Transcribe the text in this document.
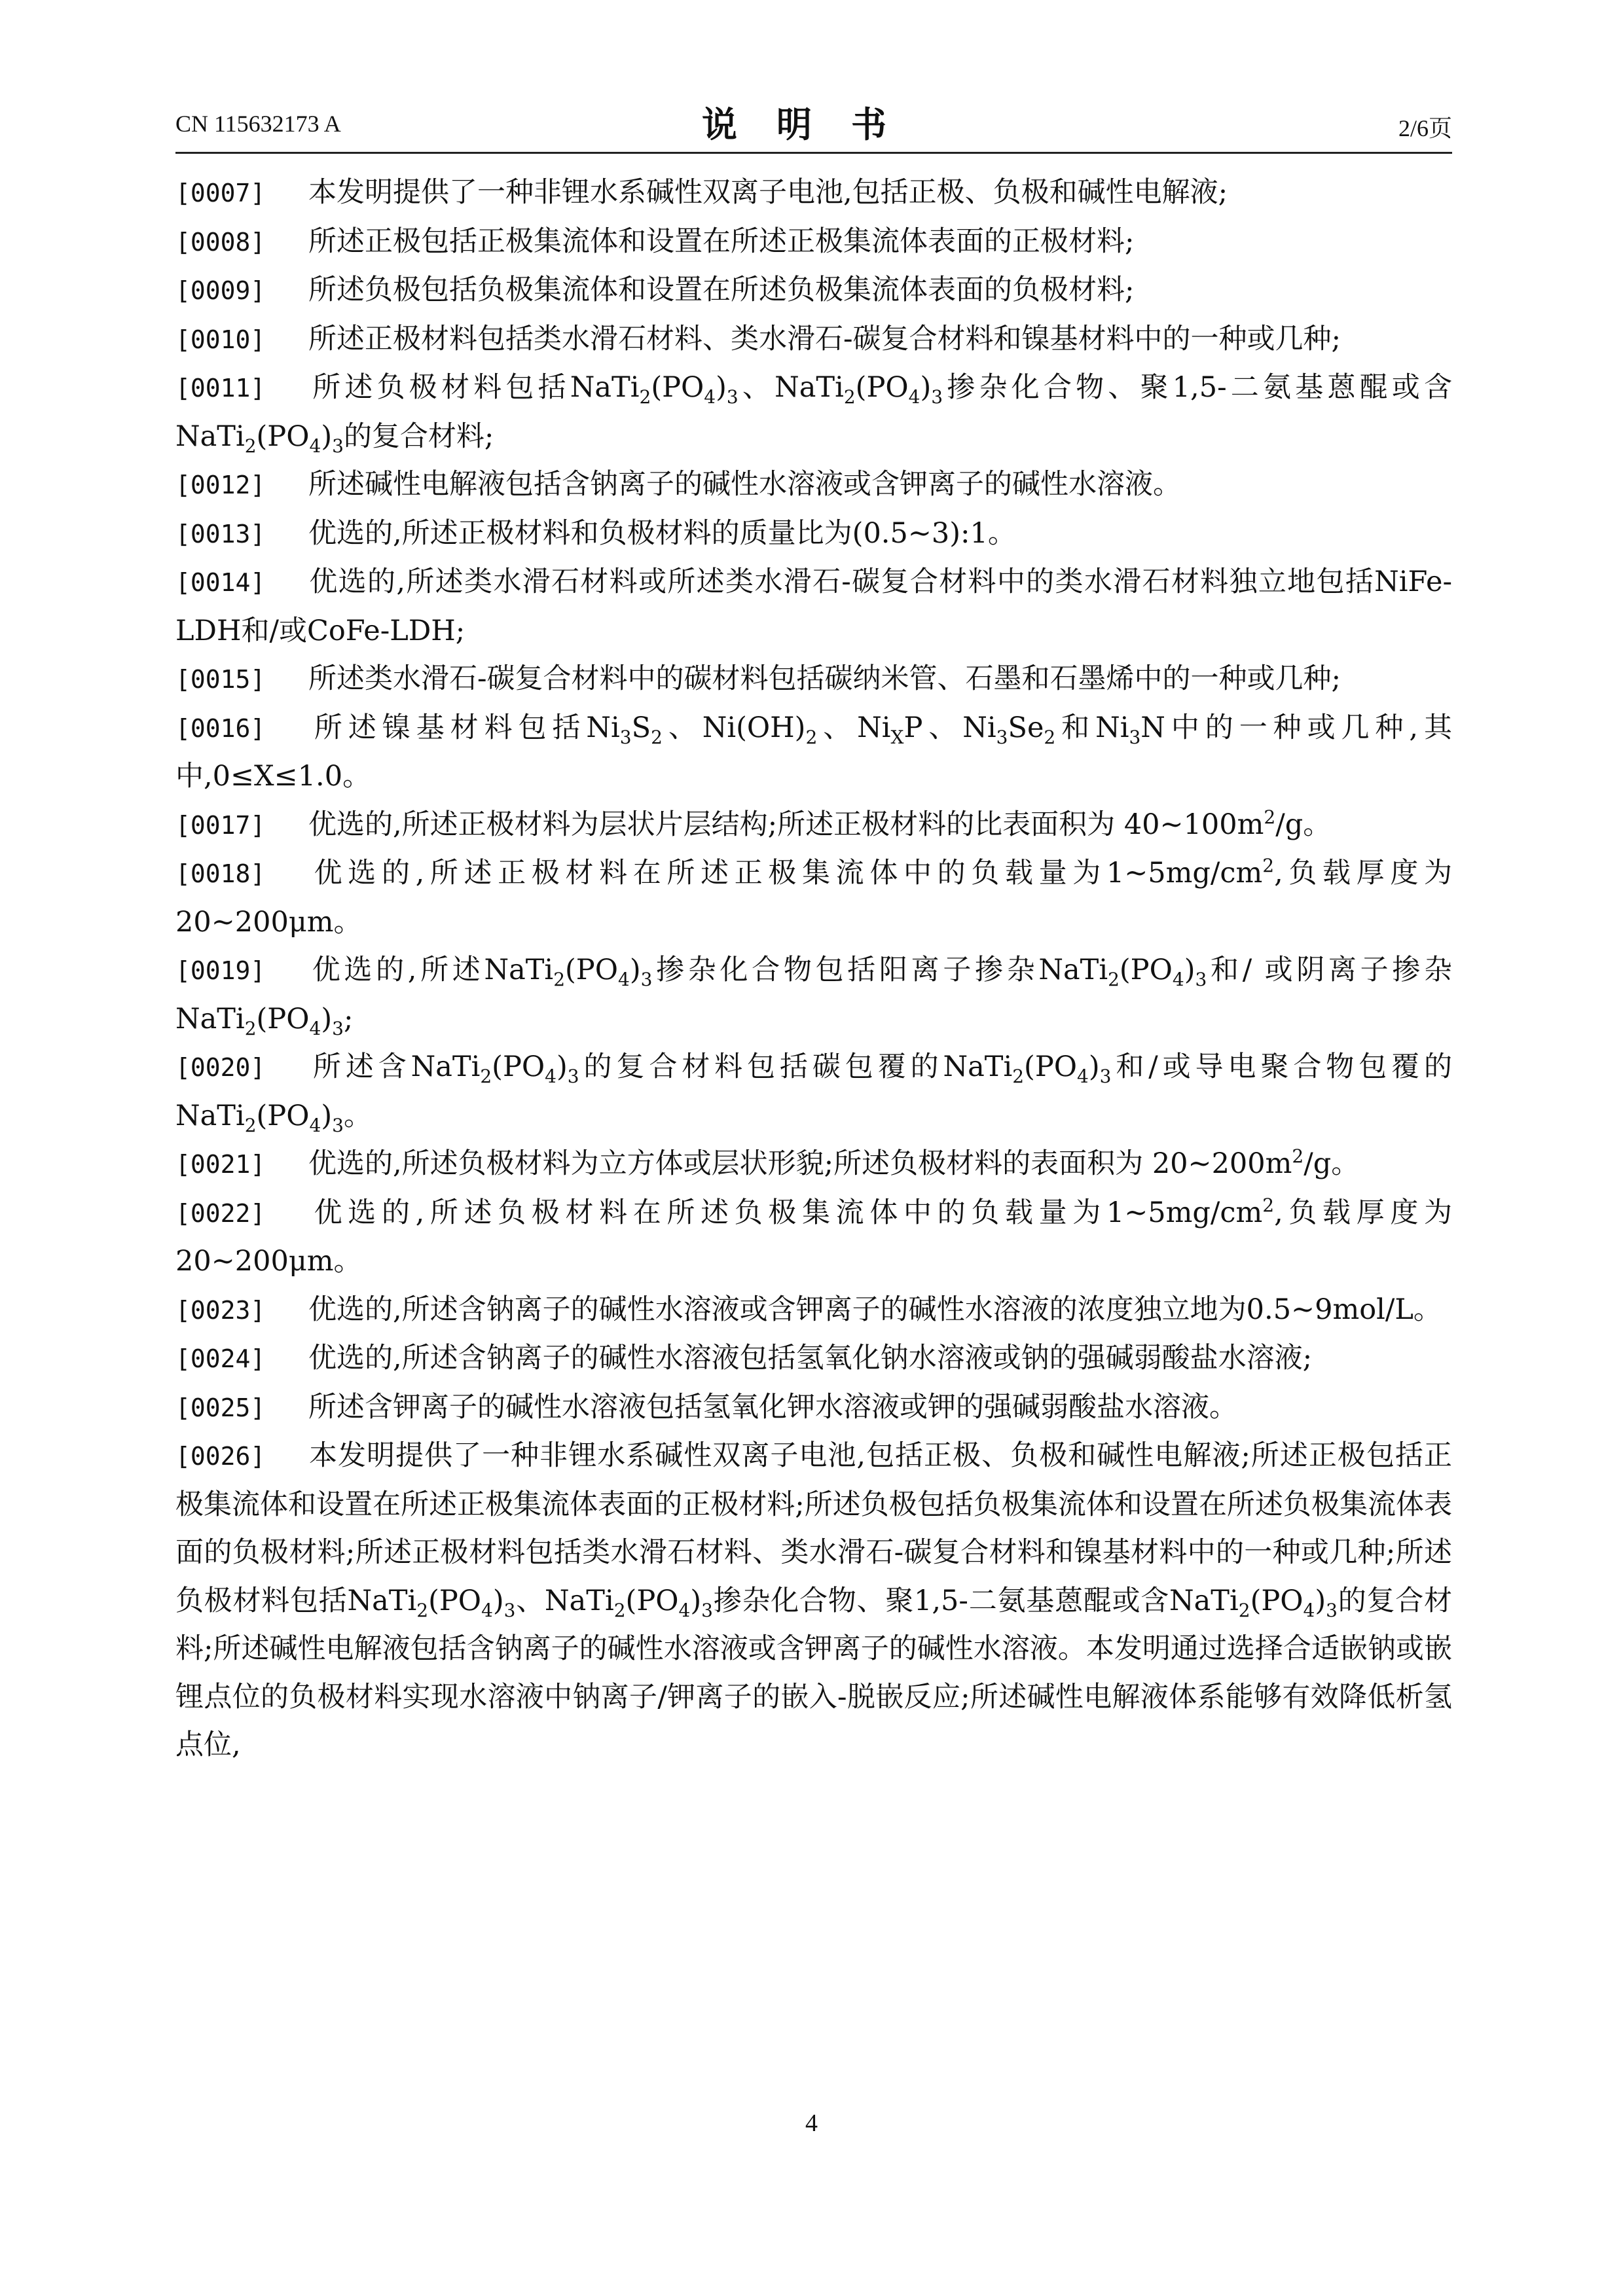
CN 115632173 A	说明书	2/6页

[0007] 本发明提供了一种非锂水系碱性双离子电池,包括正极、负极和碱性电解液;

[0008] 所述正极包括正极集流体和设置在所述正极集流体表面的正极材料;

[0009] 所述负极包括负极集流体和设置在所述负极集流体表面的负极材料;

[0010] 所述正极材料包括类水滑石材料、类水滑石-碳复合材料和镍基材料中的一种或几种;

[0011] 所述负极材料包括$NaTi_2(PO_4)_3$、$NaTi_2(PO_4)_3$掺杂化合物、聚1,5-二氨基蒽醌或含$NaTi_2(PO_4)_3$的复合材料;

[0012] 所述碱性电解液包括含钠离子的碱性水溶液或含钾离子的碱性水溶液。

[0013] 优选的,所述正极材料和负极材料的质量比为(0.5~3):1。

[0014] 优选的,所述类水滑石材料或所述类水滑石-碳复合材料中的类水滑石材料独立地包括NiFe-LDH和/或CoFe-LDH;

[0015] 所述类水滑石-碳复合材料中的碳材料包括碳纳米管、石墨和石墨烯中的一种或几种;

[0016] 所述镍基材料包括$Ni_3S_2$、$Ni(OH)_2$、$Ni_XP$、$Ni_3Se_2$和$Ni_3N$中的一种或几种,其中,0≤X≤1.0。

[0017] 优选的,所述正极材料为层状片层结构;所述正极材料的比表面积为 $40\sim 100m^2/g$。

[0018] 优选的,所述正极材料在所述正极集流体中的负载量为$1\sim 5mg/cm^2$,负载厚度为20~200μm。

[0019] 优选的,所述$NaTi_2(PO_4)_3$掺杂化合物包括阳离子掺杂$NaTi_2(PO_4)_3$和/ 或阴离子掺杂$NaTi_2(PO_4)_3$;

[0020] 所述含$NaTi_2(PO_4)_3$的复合材料包括碳包覆的$NaTi_2(PO_4)_3$和/或导电聚合物包覆的$NaTi_2(PO_4)_3$。

[0021] 优选的,所述负极材料为立方体或层状形貌;所述负极材料的表面积为 $20\sim 200m^2/g$。

[0022] 优选的,所述负极材料在所述负极集流体中的负载量为$1\sim 5mg/cm^2$,负载厚度为20~200μm。

[0023] 优选的,所述含钠离子的碱性水溶液或含钾离子的碱性水溶液的浓度独立地为0.5~9mol/L。

[0024] 优选的,所述含钠离子的碱性水溶液包括氢氧化钠水溶液或钠的强碱弱酸盐水溶液;

[0025] 所述含钾离子的碱性水溶液包括氢氧化钾水溶液或钾的强碱弱酸盐水溶液。

[0026] 本发明提供了一种非锂水系碱性双离子电池,包括正极、负极和碱性电解液;所述正极包括正极集流体和设置在所述正极集流体表面的正极材料;所述负极包括负极集流体和设置在所述负极集流体表面的负极材料;所述正极材料包括类水滑石材料、类水滑石-碳复合材料和镍基材料中的一种或几种;所述负极材料包括$NaTi_2(PO_4)_3$、$NaTi_2(PO_4)_3$掺杂化合物、聚1,5-二氨基蒽醌或含$NaTi_2(PO_4)_3$的复合材料;所述碱性电解液包括含钠离子的碱性水溶液或含钾离子的碱性水溶液。本发明通过选择合适嵌钠或嵌锂点位的负极材料实现水溶液中钠离子/钾离子的嵌入-脱嵌反应;所述碱性电解液体系能够有效降低析氢点位,

4
